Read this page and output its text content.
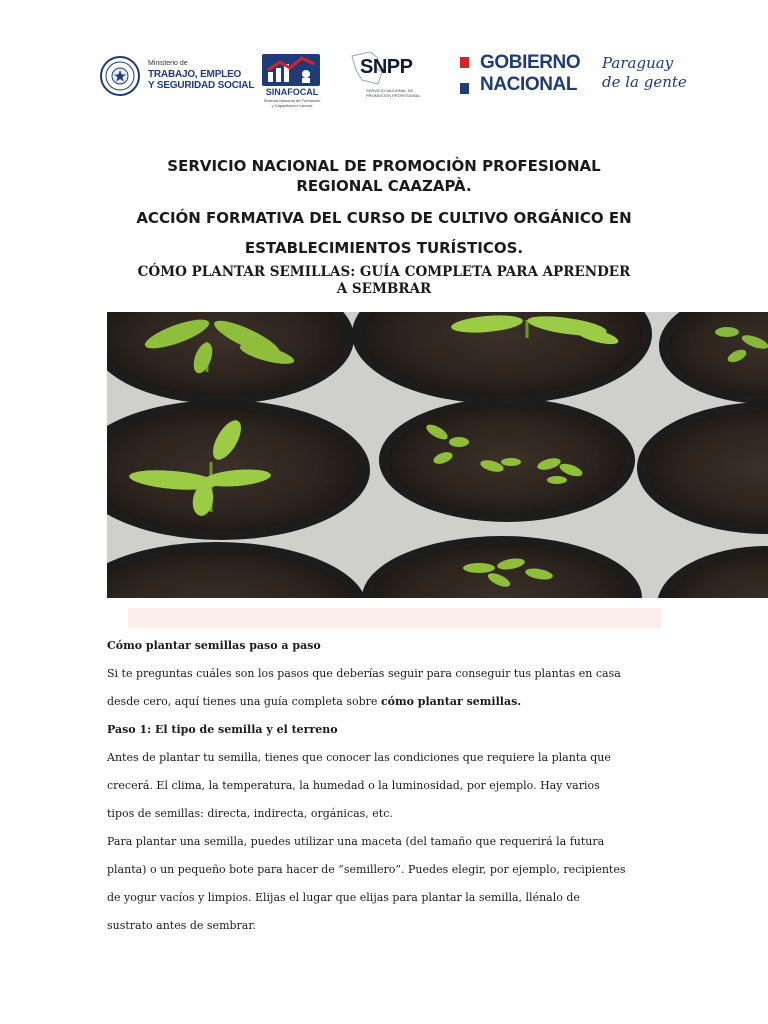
Ministerio de
TRABAJO, EMPLEO
Y SEGURIDAD SOCIAL
SINAFOCAL
Sistema Nacional de Formación
y Capacitación Laboral
SNPP
SERVICIO NACIONAL DE
PROMOCIÓN PROFESIONAL
GOBIERNO
NACIONAL
Paraguay
de la gente
SERVICIO NACIONAL DE PROMOCIÒN PROFESIONAL
REGIONAL CAAZAPÀ.
ACCIÓN FORMATIVA DEL CURSO DE CULTIVO ORGÁNICO EN
ESTABLECIMIENTOS TURÍSTICOS.
CÓMO PLANTAR SEMILLAS: GUÍA COMPLETA PARA APRENDER
A SEMBRAR

Cómo plantar semillas paso a paso

Si te preguntas cuáles son los pasos que deberías seguir para conseguir tus plantas en casa
desde cero, aquí tienes una guía completa sobre cómo plantar semillas.

Paso 1: El tipo de semilla y el terreno

Antes de plantar tu semilla, tienes que conocer las condiciones que requiere la planta que
crecerá. El clima, la temperatura, la humedad o la luminosidad, por ejemplo. Hay varios
tipos de semillas: directa, indirecta, orgánicas, etc.

Para plantar una semilla, puedes utilizar una maceta (del tamaño que requerirá la futura
planta) o un pequeño bote para hacer de “semillero”. Puedes elegir, por ejemplo, recipientes
de yogur vacíos y limpios. Elijas el lugar que elijas para plantar la semilla, llénalo de
sustrato antes de sembrar.
